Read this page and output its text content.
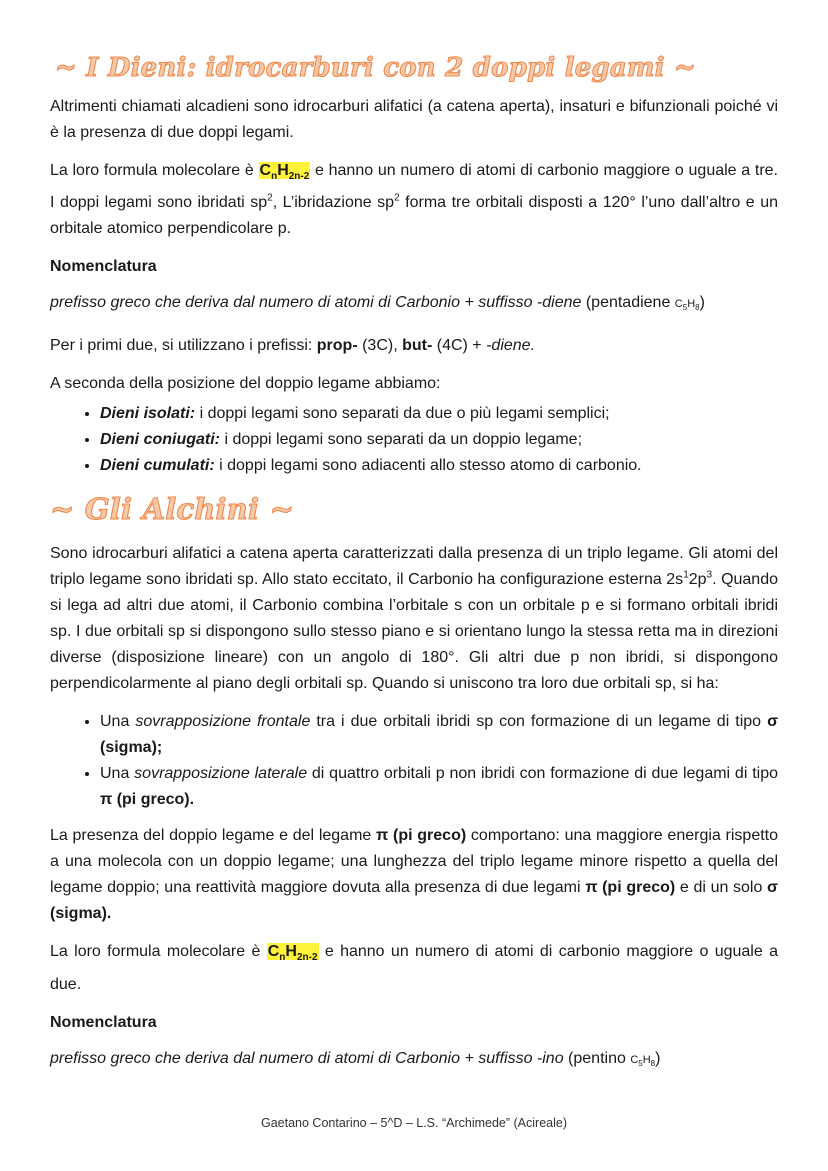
~ I Dieni: idrocarburi con 2 doppi legami ~

Altrimenti chiamati alcadieni sono idrocarburi alifatici (a catena aperta), insaturi e bifunzionali poiché vi è la presenza di due doppi legami.

La loro formula molecolare è $C_nH_{2n-2}$ e hanno un numero di atomi di carbonio maggiore o uguale a tre. I doppi legami sono ibridati $sp^2$, L’ibridazione $sp^2$ forma tre orbitali disposti a 120° l’uno dall’altro e un orbitale atomico perpendicolare p.

Nomenclatura

prefisso greco che deriva dal numero di atomi di Carbonio + suffisso -diene (pentadiene $C_5H_8$)

Per i primi due, si utilizzano i prefissi: prop- (3C), but- (4C) + -diene.

A seconda della posizione del doppio legame abbiamo:

• Dieni isolati: i doppi legami sono separati da due o più legami semplici;
• Dieni coniugati: i doppi legami sono separati da un doppio legame;
• Dieni cumulati: i doppi legami sono adiacenti allo stesso atomo di carbonio.
~ Gli Alchini ~

Sono idrocarburi alifatici a catena aperta caratterizzati dalla presenza di un triplo legame. Gli atomi del triplo legame sono ibridati sp. Allo stato eccitato, il Carbonio ha configurazione esterna $2s^12p^3$. Quando si lega ad altri due atomi, il Carbonio combina l’orbitale s con un orbitale p e si formano orbitali ibridi sp. I due orbitali sp si dispongono sullo stesso piano e si orientano lungo la stessa retta ma in direzioni diverse (disposizione lineare) con un angolo di 180°. Gli altri due p non ibridi, si dispongono perpendicolarmente al piano degli orbitali sp. Quando si uniscono tra loro due orbitali sp, si ha:

• Una sovrapposizione frontale tra i due orbitali ibridi sp con formazione di un legame di tipo σ (sigma);
• Una sovrapposizione laterale di quattro orbitali p non ibridi con formazione di due legami di tipo π (pi greco).

La presenza del doppio legame e del legame π (pi greco) comportano: una maggiore energia rispetto a una molecola con un doppio legame; una lunghezza del triplo legame minore rispetto a quella del legame doppio; una reattività maggiore dovuta alla presenza di due legami π (pi greco) e di un solo σ (sigma).

La loro formula molecolare è $C_nH_{2n-2}$ e hanno un numero di atomi di carbonio maggiore o uguale a due.

Nomenclatura

prefisso greco che deriva dal numero di atomi di Carbonio + suffisso -ino (pentino $C_5H_8$)

Gaetano Contarino – 5^D – L.S. “Archimede” (Acireale)
